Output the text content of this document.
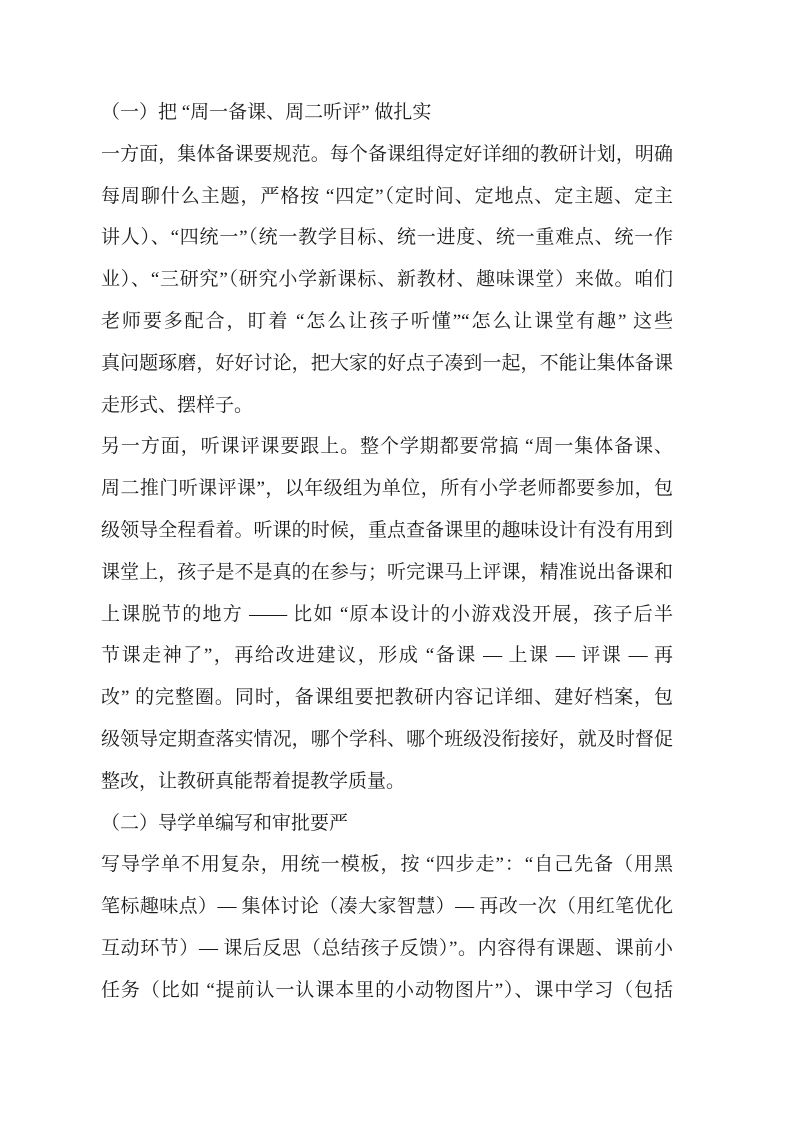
（一）把 “周一备课、周二听评” 做扎实
一方面，集体备课要规范。每个备课组得定好详细的教研计划，明确
每周聊什么主题，严格按 “四定”（定时间、定地点、定主题、定主
讲人）、“四统一”（统一教学目标、统一进度、统一重难点、统一作
业）、“三研究”（研究小学新课标、新教材、趣味课堂）来做。咱们
老师要多配合，盯着 “怎么让孩子听懂”“怎么让课堂有趣” 这些
真问题琢磨，好好讨论，把大家的好点子凑到一起，不能让集体备课
走形式、摆样子。
另一方面，听课评课要跟上。整个学期都要常搞 “周一集体备课、
周二推门听课评课”，以年级组为单位，所有小学老师都要参加，包
级领导全程看着。听课的时候，重点查备课里的趣味设计有没有用到
课堂上，孩子是不是真的在参与；听完课马上评课，精准说出备课和
上课脱节的地方 —— 比如 “原本设计的小游戏没开展，孩子后半
节课走神了”，再给改进建议，形成 “备课 — 上课 — 评课 — 再
改” 的完整圈。同时，备课组要把教研内容记详细、建好档案，包
级领导定期查落实情况，哪个学科、哪个班级没衔接好，就及时督促
整改，让教研真能帮着提教学质量。
（二）导学单编写和审批要严
写导学单不用复杂，用统一模板，按 “四步走”：“自己先备（用黑
笔标趣味点）— 集体讨论（凑大家智慧）— 再改一次（用红笔优化
互动环节）— 课后反思（总结孩子反馈）”。内容得有课题、课前小
任务（比如 “提前认一认课本里的小动物图片”）、课中学习（包括
